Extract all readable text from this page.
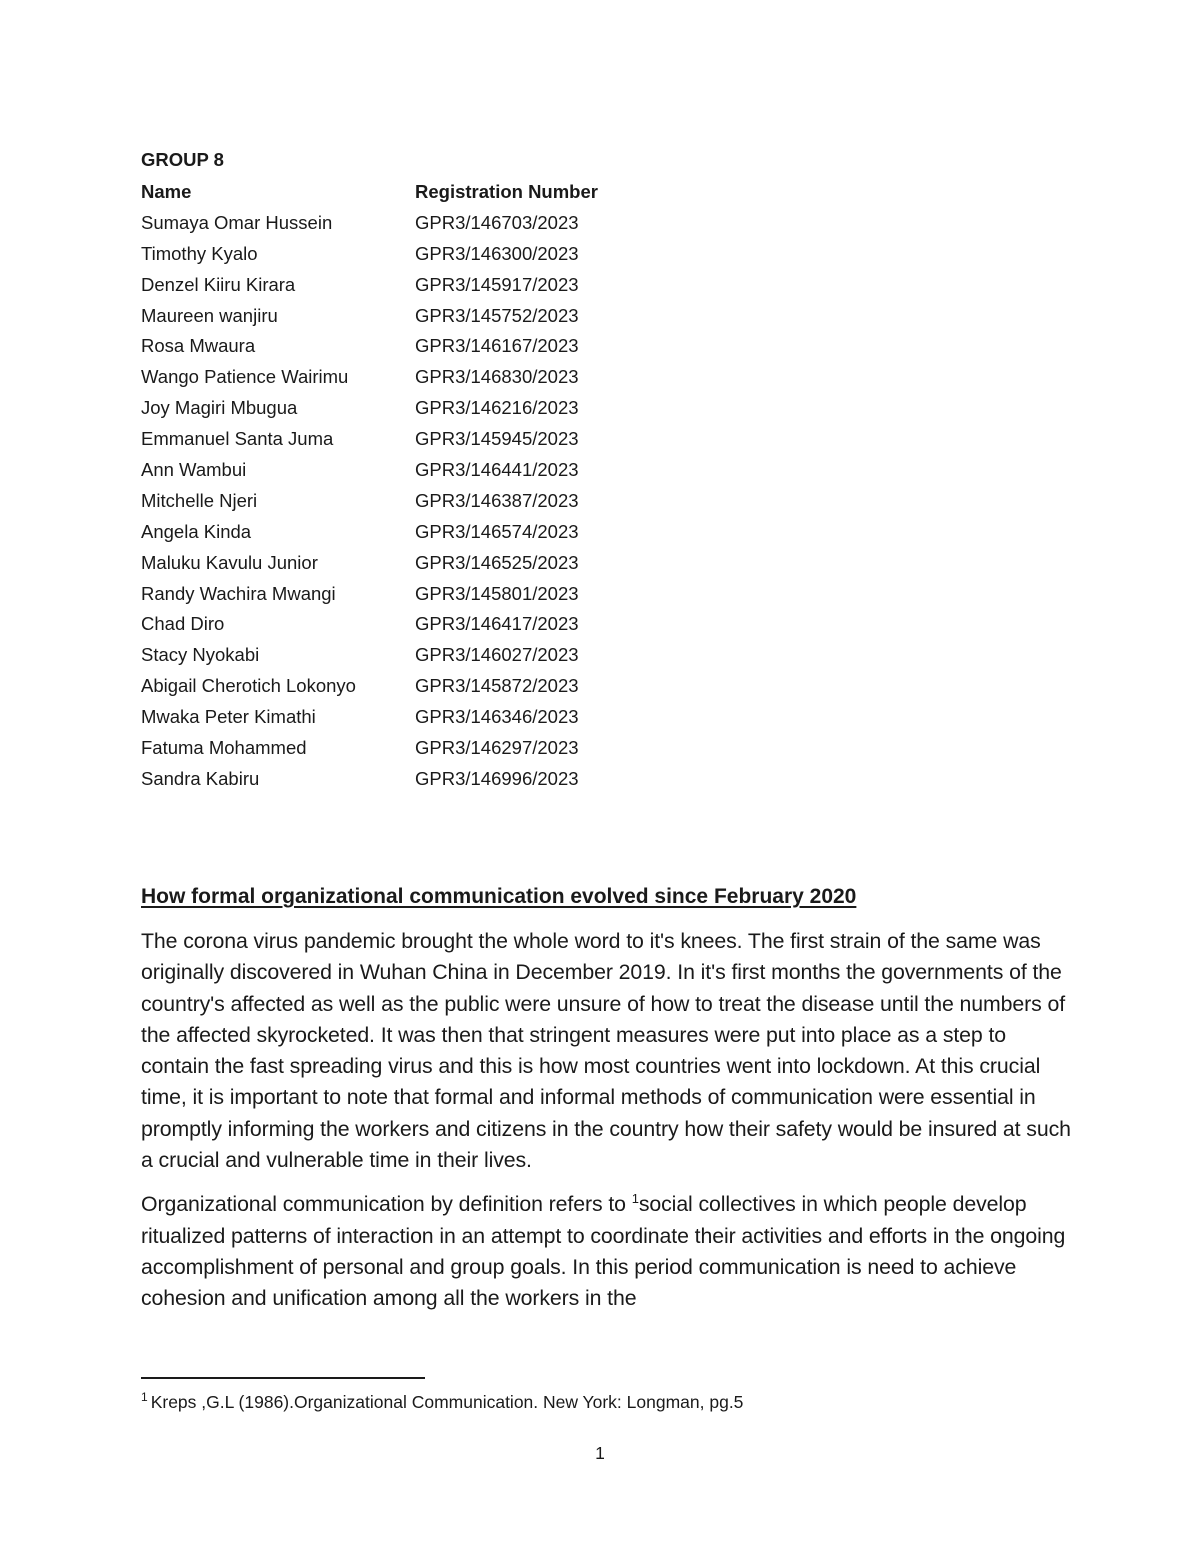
GROUP 8
Name	Registration Number
Sumaya Omar Hussein	GPR3/146703/2023
Timothy Kyalo	GPR3/146300/2023
Denzel Kiiru Kirara	GPR3/145917/2023
Maureen wanjiru	GPR3/145752/2023
Rosa Mwaura	GPR3/146167/2023
Wango Patience Wairimu	GPR3/146830/2023
Joy Magiri Mbugua	GPR3/146216/2023
Emmanuel Santa Juma	GPR3/145945/2023
Ann Wambui	GPR3/146441/2023
Mitchelle Njeri	GPR3/146387/2023
Angela Kinda	GPR3/146574/2023
Maluku Kavulu Junior	GPR3/146525/2023
Randy Wachira Mwangi	GPR3/145801/2023
Chad Diro	GPR3/146417/2023
Stacy Nyokabi	GPR3/146027/2023
Abigail Cherotich Lokonyo	GPR3/145872/2023
Mwaka Peter Kimathi	GPR3/146346/2023
Fatuma Mohammed	GPR3/146297/2023
Sandra Kabiru	GPR3/146996/2023
How formal organizational communication evolved since February 2020

The corona virus pandemic brought the whole word to it's knees. The first strain of the same was originally discovered in Wuhan China in December 2019. In it's first months the governments of the country's affected as well as the public were unsure of how to treat the disease until the numbers of the affected skyrocketed. It was then that stringent measures were put into place as a step to contain the fast spreading virus and this is how most countries went into lockdown. At this crucial time, it is important to note that formal and informal methods of communication were essential in promptly informing the workers and citizens in the country how their safety would be insured at such a crucial and vulnerable time in their lives.

Organizational communication by definition refers to $^1$social collectives in which people develop ritualized patterns of interaction in an attempt to coordinate their activities and efforts in the ongoing accomplishment of personal and group goals. In this period communication is need to achieve cohesion and unification among all the workers in the

$^1$ Kreps ,G.L (1986).Organizational Communication. New York: Longman, pg.5
1
